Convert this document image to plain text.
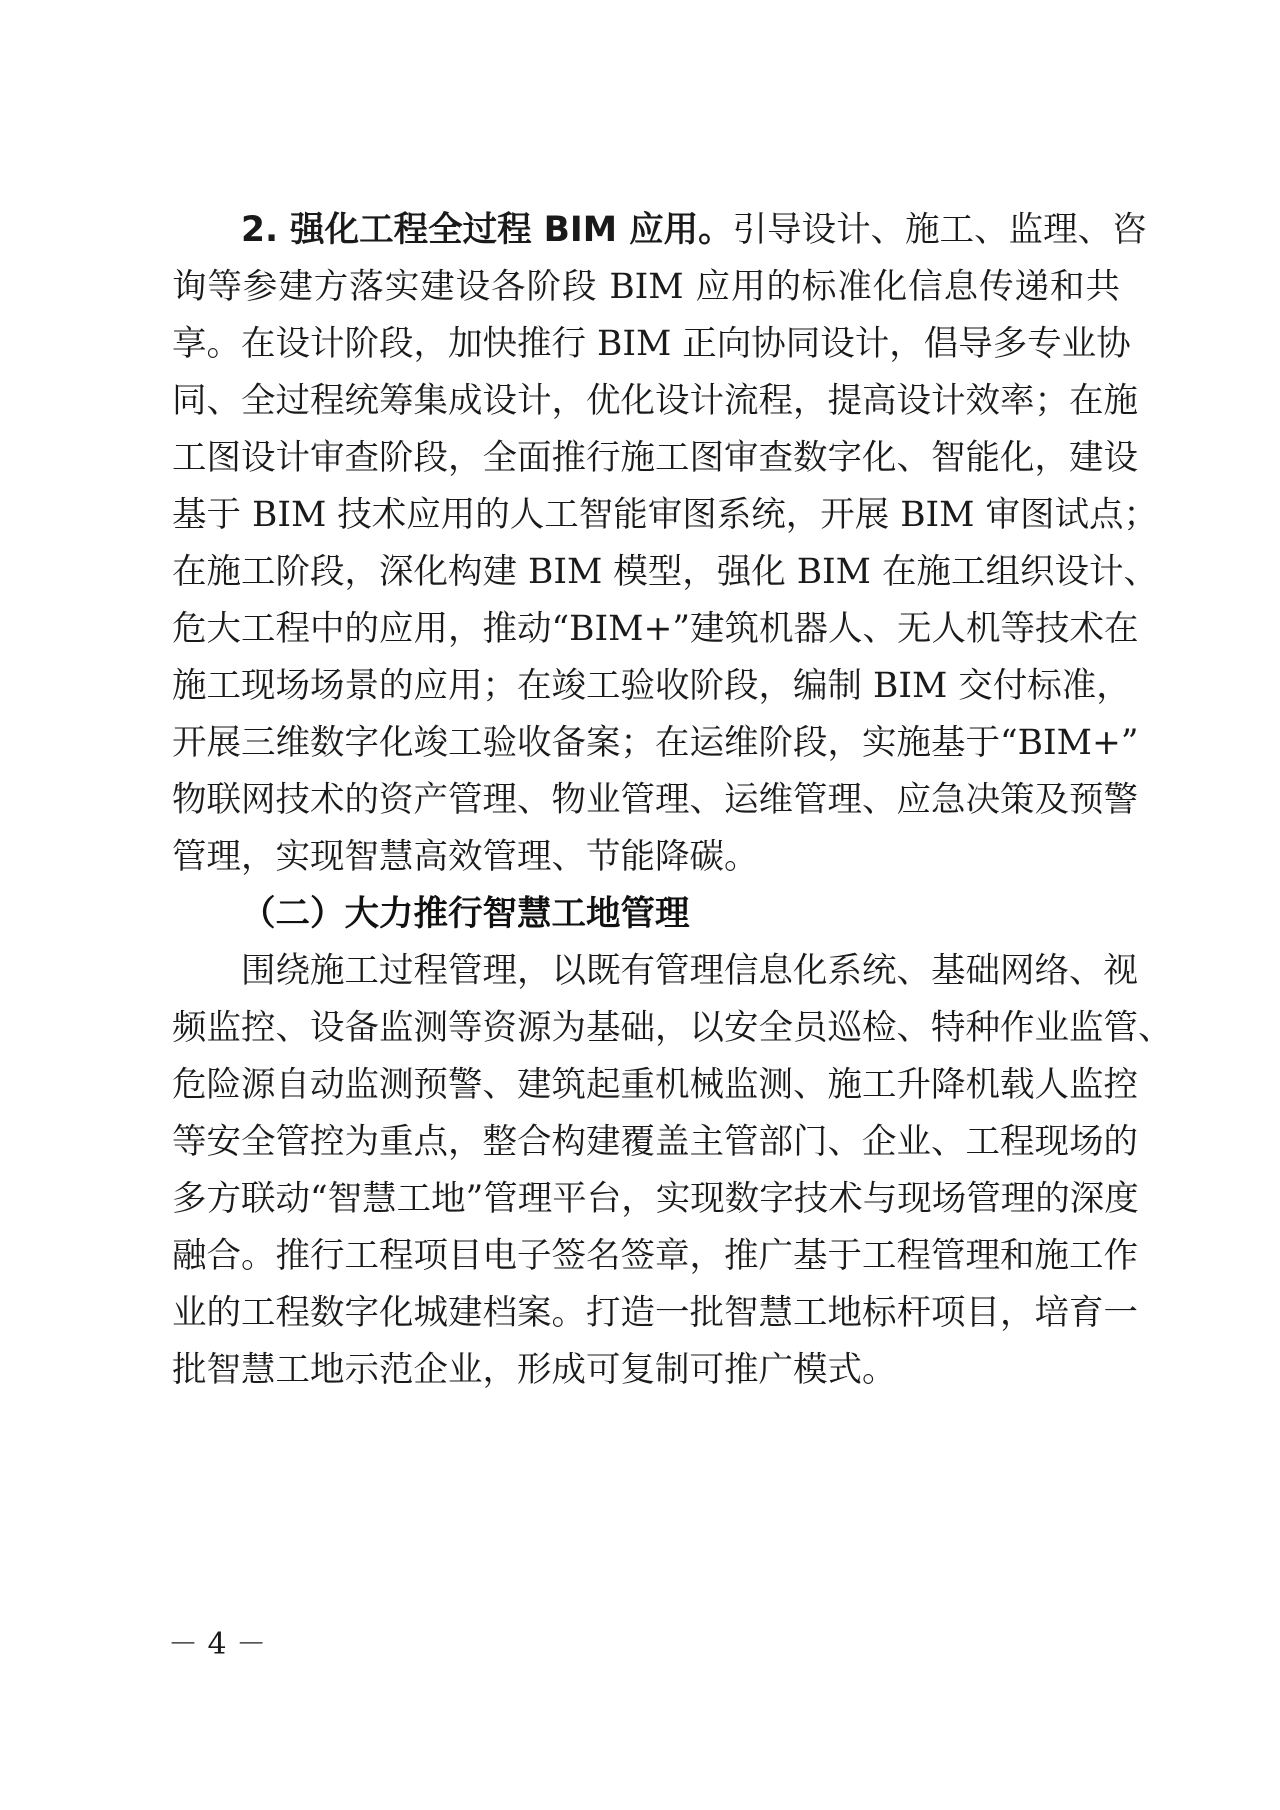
2. 强化工程全过程 BIM 应用。引导设计、施工、监理、咨
询等参建方落实建设各阶段 BIM 应用的标准化信息传递和共
享。在设计阶段，加快推行 BIM 正向协同设计，倡导多专业协
同、全过程统筹集成设计，优化设计流程，提高设计效率；在施
工图设计审查阶段，全面推行施工图审查数字化、智能化，建设
基于 BIM 技术应用的人工智能审图系统，开展 BIM 审图试点；
在施工阶段，深化构建 BIM 模型，强化 BIM 在施工组织设计、
危大工程中的应用，推动“BIM+”建筑机器人、无人机等技术在
施工现场场景的应用；在竣工验收阶段，编制 BIM 交付标准，
开展三维数字化竣工验收备案；在运维阶段，实施基于“BIM+”
物联网技术的资产管理、物业管理、运维管理、应急决策及预警
管理，实现智慧高效管理、节能降碳。
（二）大力推行智慧工地管理
围绕施工过程管理，以既有管理信息化系统、基础网络、视
频监控、设备监测等资源为基础，以安全员巡检、特种作业监管、
危险源自动监测预警、建筑起重机械监测、施工升降机载人监控
等安全管控为重点，整合构建覆盖主管部门、企业、工程现场的
多方联动“智慧工地”管理平台，实现数字技术与现场管理的深度
融合。推行工程项目电子签名签章，推广基于工程管理和施工作
业的工程数字化城建档案。打造一批智慧工地标杆项目，培育一
批智慧工地示范企业，形成可复制可推广模式。
－ 4 －
